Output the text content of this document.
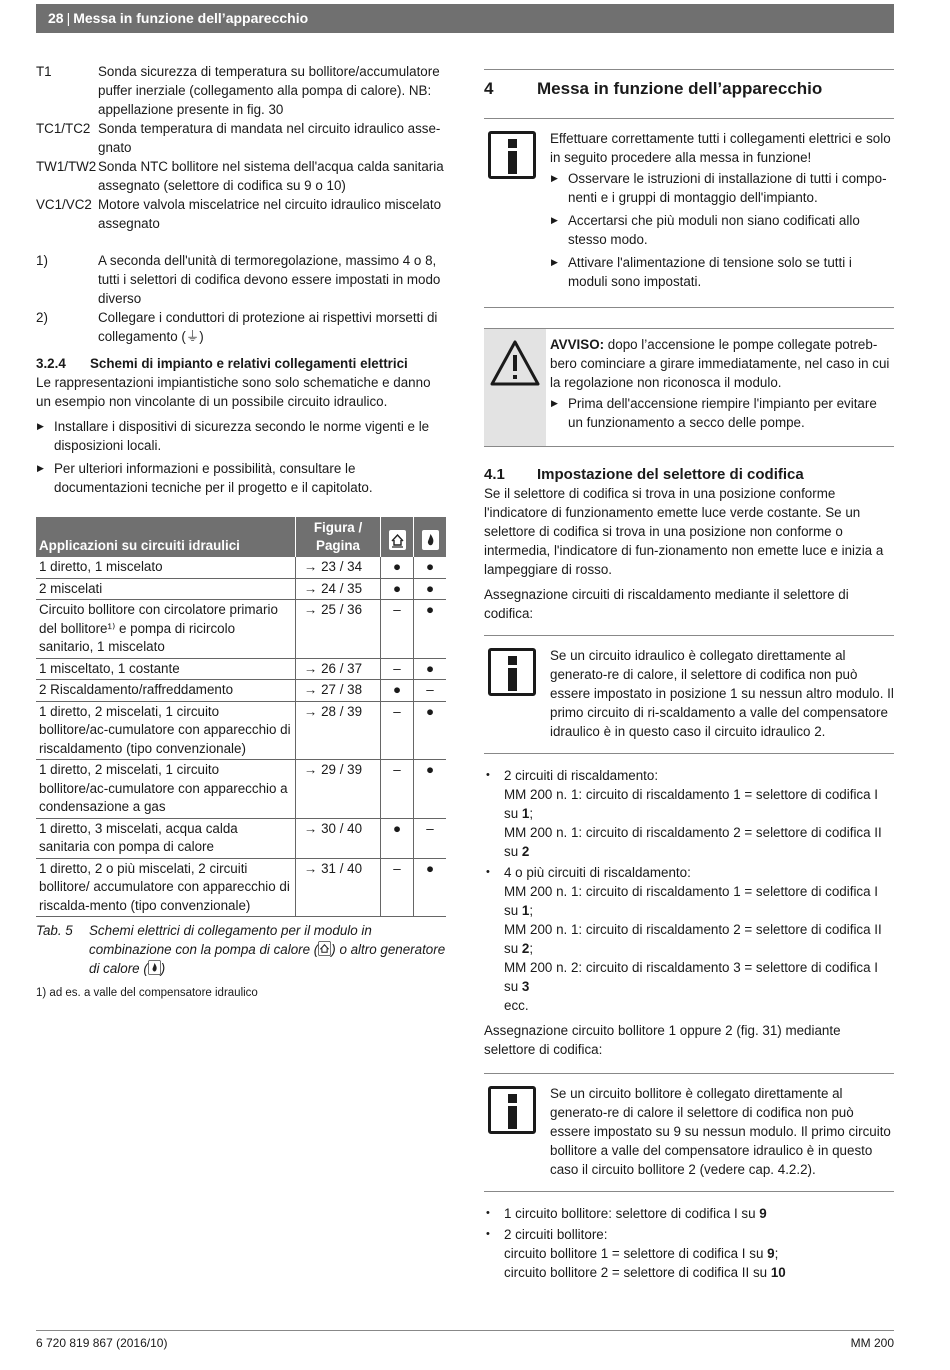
28 | Messa in funzione dell’apparecchio
T1	Sonda sicurezza di temperatura su bollitore/accumulatore puffer inerziale (collegamento alla pompa di calore). NB: appellazione presente in fig. 30
TC1/TC2 Sonda temperatura di mandata nel circuito idraulico asse-gnato
TW1/TW2 Sonda NTC bollitore nel sistema dell'acqua calda sanitaria assegnato (selettore di codifica su 9 o 10)
VC1/VC2 Motore valvola miscelatrice nel circuito idraulico miscelato assegnato
1)	A seconda dell'unità di termoregolazione, massimo 4 o 8, tutti i selettori di codifica devono essere impostati in modo diverso
2)	Collegare i conduttori di protezione ai rispettivi morsetti di collegamento (⏚)
3.2.4	Schemi di impianto e relativi collegamenti elettrici

Le rappresentazioni impiantistiche sono solo schematiche e danno un esempio non vincolante di un possibile circuito idraulico.

▶ Installare i dispositivi di sicurezza secondo le norme vigenti e le disposizioni locali.
▶ Per ulteriori informazioni e possibilità, consultare le documentazioni tecniche per il progetto e il capitolato.
Applicazioni su circuiti idraulici	Figura / Pagina		
1 diretto, 1 miscelato	→ 23 / 34	●	●
2 miscelati	→ 24 / 35	●	●
Circuito bollitore con circolatore primario del bollitore¹⁾ e pompa di ricircolo sanitario, 1 miscelato	→ 25 / 36	–	●
1 misceltato, 1 costante	→ 26 / 37	–	●
2 Riscaldamento/raffreddamento	→ 27 / 38	●	–
1 diretto, 2 miscelati, 1 circuito bollitore/ac-cumulatore con apparecchio di riscaldamento (tipo convenzionale)	→ 28 / 39	–	●
1 diretto, 2 miscelati, 1 circuito bollitore/ac-cumulatore con apparecchio a condensazione a gas	→ 29 / 39	–	●
1 diretto, 3 miscelati, acqua calda sanitaria con pompa di calore	→ 30 / 40	●	–
1 diretto, 2 o più miscelati, 2 circuiti bollitore/ accumulatore con apparecchio di riscalda-mento (tipo convenzionale)	→ 31 / 40	–	●
Tab. 5	Schemi elettrici di collegamento per il modulo in combinazione con la pompa di calore ( ) o altro generatore di calore ( )
1) ad es. a valle del compensatore idraulico
4	Messa in funzione dell’apparecchio

Effettuare correttamente tutti i collegamenti elettrici e solo in seguito procedere alla messa in funzione!

▶ Osservare le istruzioni di installazione di tutti i compo-nenti e i gruppi di montaggio dell'impianto.
▶ Accertarsi che più moduli non siano codificati allo stesso modo.
▶ Attivare l'alimentazione di tensione solo se tutti i moduli sono impostati.

AVVISO: dopo l’accensione le pompe collegate potreb-bero cominciare a girare immediatamente, nel caso in cui la regolazione non riconosca il modulo.

▶ Prima dell'accensione riempire l'impianto per evitare un funzionamento a secco delle pompe.
4.1	Impostazione del selettore di codifica

Se il selettore di codifica si trova in una posizione conforme l'indicatore di funzionamento emette luce verde costante. Se un selettore di codifica si trova in una posizione non conforme o intermedia, l'indicatore di fun-zionamento non emette luce e inizia a lampeggiare di rosso.

Assegnazione circuiti di riscaldamento mediante il selettore di codifica:

Se un circuito idraulico è collegato direttamente al generato-re di calore, il selettore di codifica non può essere impostato in posizione 1 su nessun altro modulo. Il primo circuito di ri-scaldamento a valle del compensatore idraulico è in questo caso il circuito idraulico 2.

• 2 circuiti di riscaldamento:
MM 200 n. 1: circuito di riscaldamento 1 = selettore di codifica I su 1;
MM 200 n. 1: circuito di riscaldamento 2 = selettore di codifica II su 2
• 4 o più circuiti di riscaldamento:
MM 200 n. 1: circuito di riscaldamento 1 = selettore di codifica I su 1;
MM 200 n. 1: circuito di riscaldamento 2 = selettore di codifica II su 2;
MM 200 n. 2: circuito di riscaldamento 3 = selettore di codifica I su 3
ecc.

Assegnazione circuito bollitore 1 oppure 2 (fig. 31) mediante selettore di codifica:

Se un circuito bollitore è collegato direttamente al generato-re di calore il selettore di codifica non può essere impostato su 9 su nessun modulo. Il primo circuito bollitore a valle del compensatore idraulico è in questo caso il circuito bollitore 2 (vedere cap. 4.2.2).

• 1 circuito bollitore: selettore di codifica I su 9
• 2 circuiti bollitore:
circuito bollitore 1 = selettore di codifica I su 9;
circuito bollitore 2 = selettore di codifica II su 10
6 720 819 867 (2016/10)	MM 200
